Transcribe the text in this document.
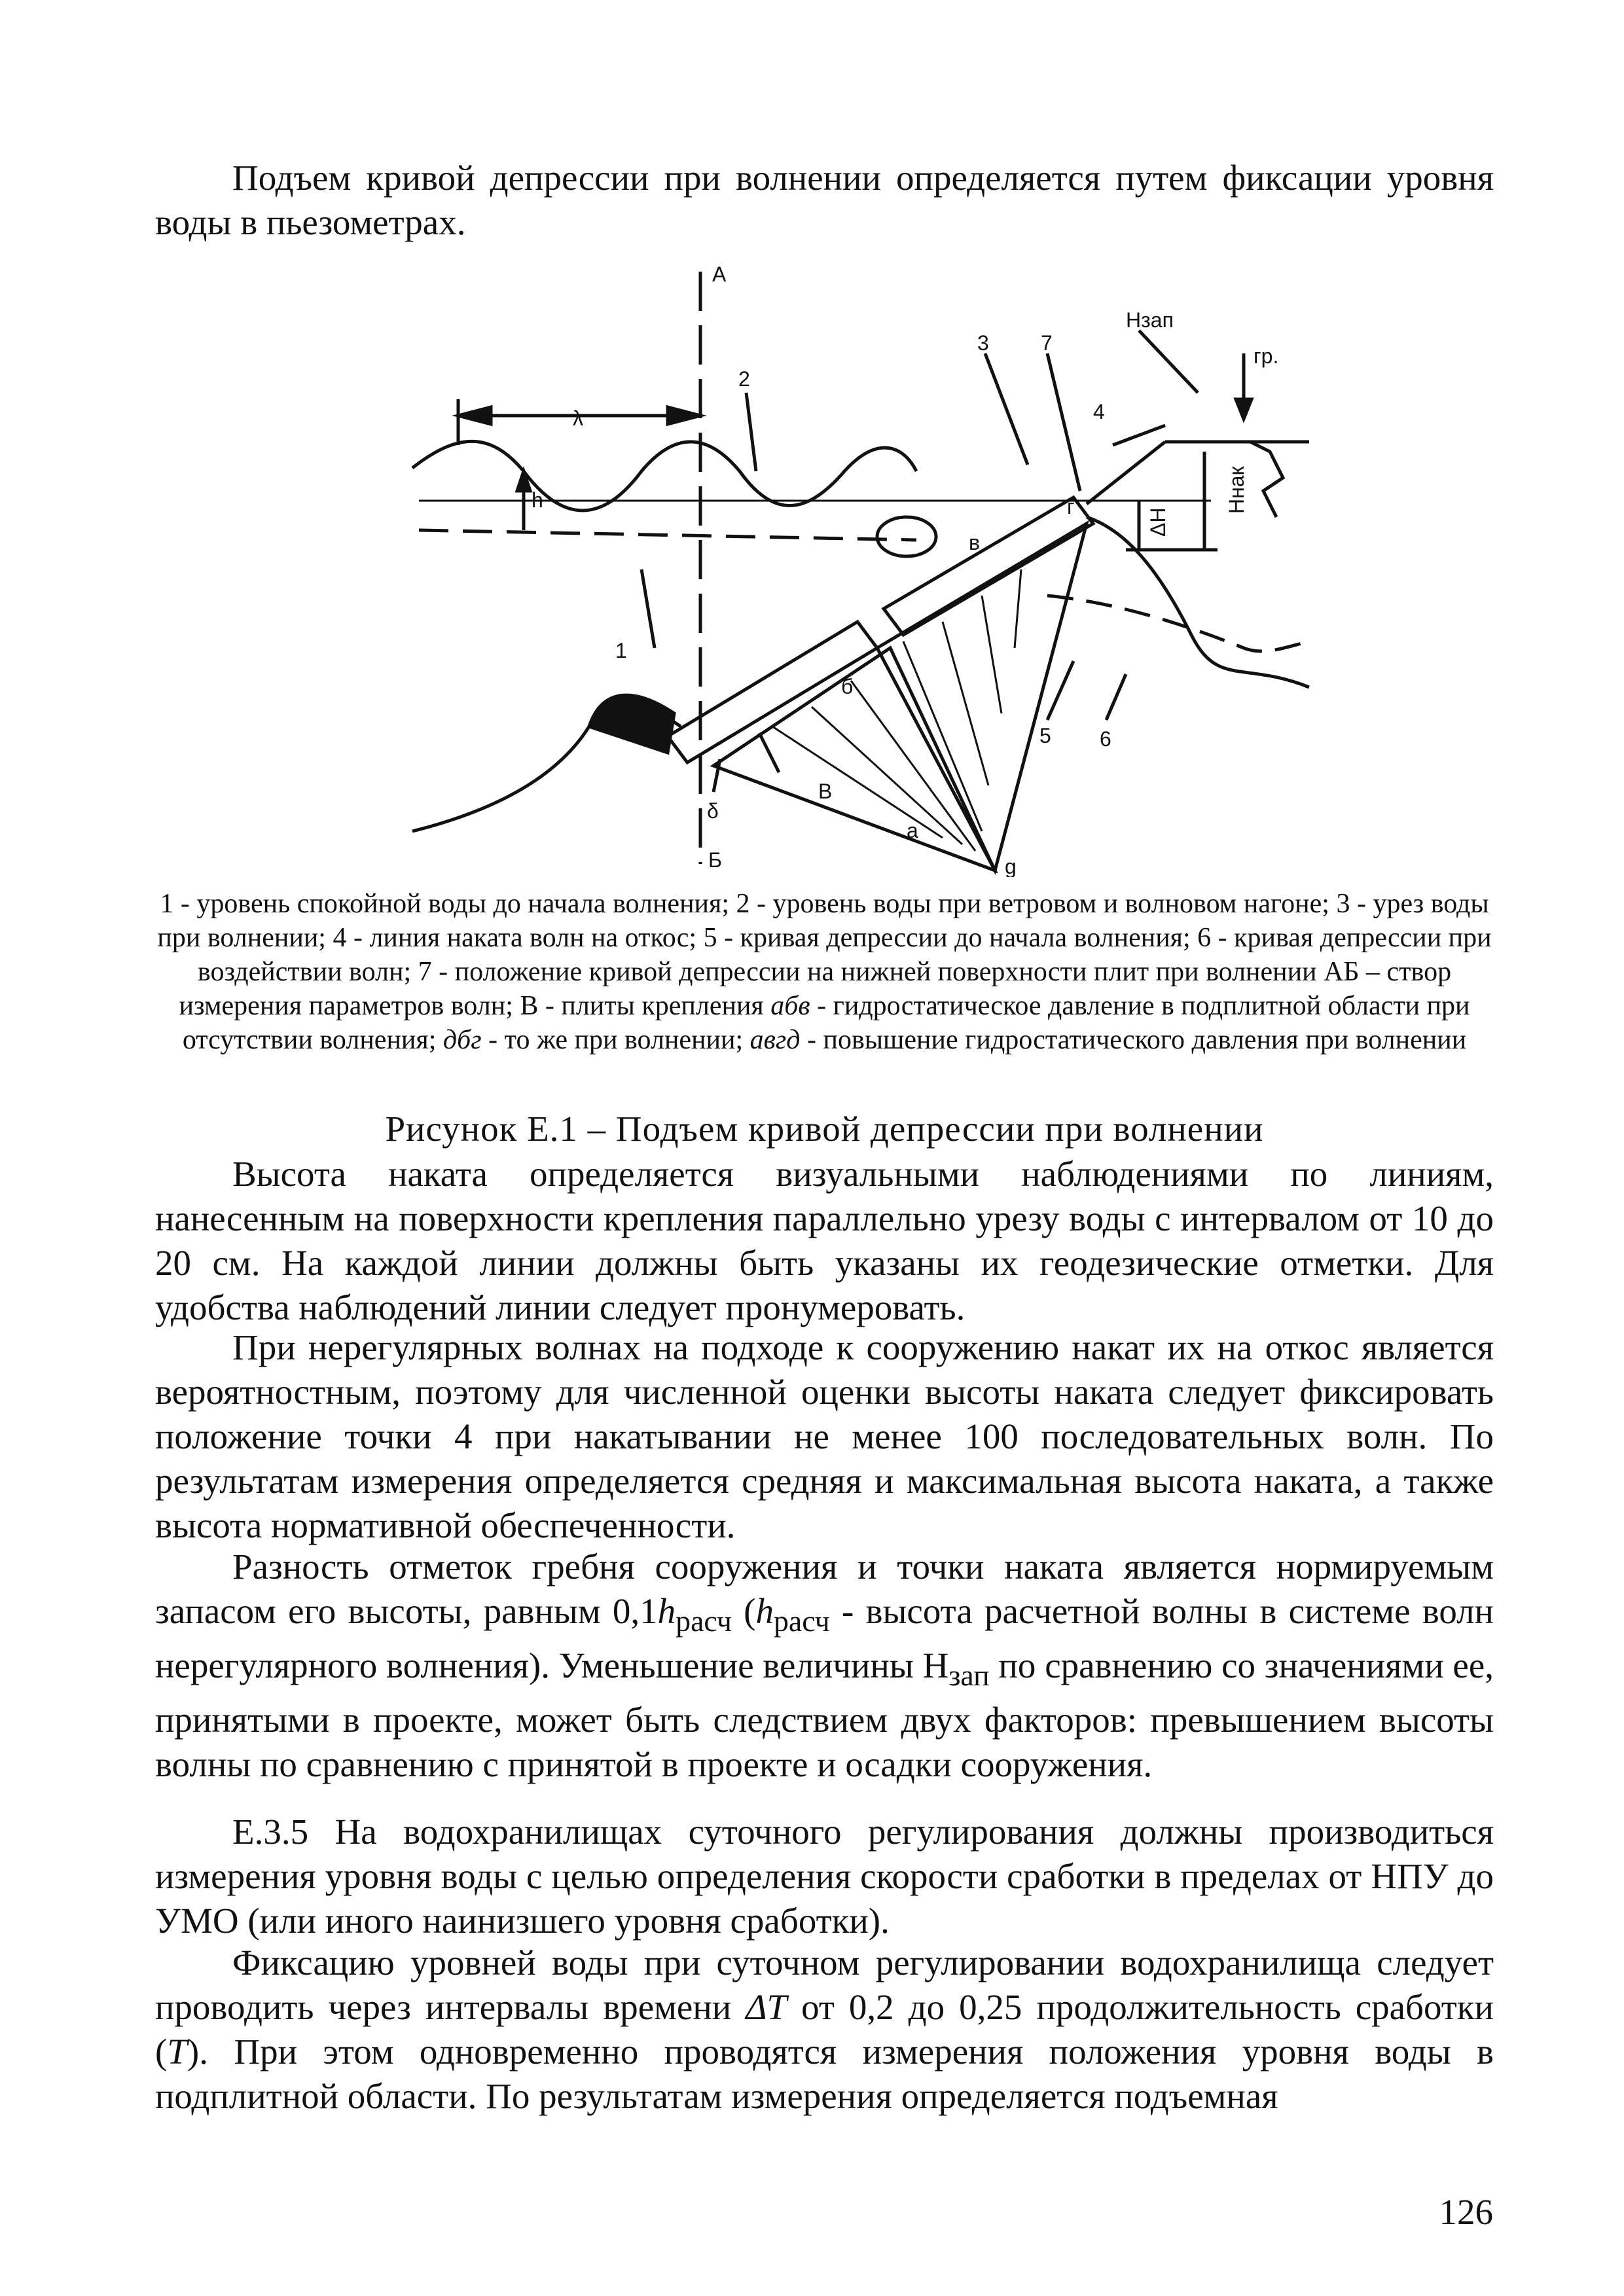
Подъем кривой депрессии при волнении определяется путем фиксации уровня воды в пьезометрах.

А
Б
λ
h
1
2
3
4
5 6
7
Hзап
гр.
Hнак
ΔH
а
б
в
г
δ
В
g

1 - уровень спокойной воды до начала волнения; 2 - уровень воды при ветровом и волновом нагоне; 3 - урез воды при волнении; 4 - линия наката волн на откос; 5 - кривая депрессии до начала волнения; 6 - кривая депрессии при воздействии волн; 7 - положение кривой депрессии на нижней поверхности плит при волнении АБ – створ измерения параметров волн; В - плиты крепления абв - гидростатическое давление в подплитной области при отсутствии волнения; дбг - то же при волнении; авгд - повышение гидростатического давления при волнении

Рисунок Е.1 – Подъем кривой депрессии при волнении

Высота наката определяется визуальными наблюдениями по линиям, нанесенным на поверхности крепления параллельно урезу воды с интервалом от 10 до 20 см. На каждой линии должны быть указаны их геодезические отметки. Для удобства наблюдений линии следует пронумеровать.

При нерегулярных волнах на подходе к сооружению накат их на откос является вероятностным, поэтому для численной оценки высоты наката следует фиксировать положение точки 4 при накатывании не менее 100 последовательных волн. По результатам измерения определяется средняя и максимальная высота наката, а также высота нормативной обеспеченности.

Разность отметок гребня сооружения и точки наката является нормируемым запасом его высоты, равным $0,1h_{расч}$ ($h_{расч}$ - высота расчетной волны в системе волн нерегулярного волнения). Уменьшение величины $Н_{зап}$ по сравнению со значениями ее, принятыми в проекте, может быть следствием двух факторов: превышением высоты волны по сравнению с принятой в проекте и осадки сооружения.

Е.3.5 На водохранилищах суточного регулирования должны производиться измерения уровня воды с целью определения скорости сработки в пределах от НПУ до УМО (или иного наинизшего уровня сработки).

Фиксацию уровней воды при суточном регулировании водохранилища следует проводить через интервалы времени ΔT от 0,2 до 0,25 продолжительность сработки (T). При этом одновременно проводятся измерения положения уровня воды в подплитной области. По результатам измерения определяется подъемная

126
